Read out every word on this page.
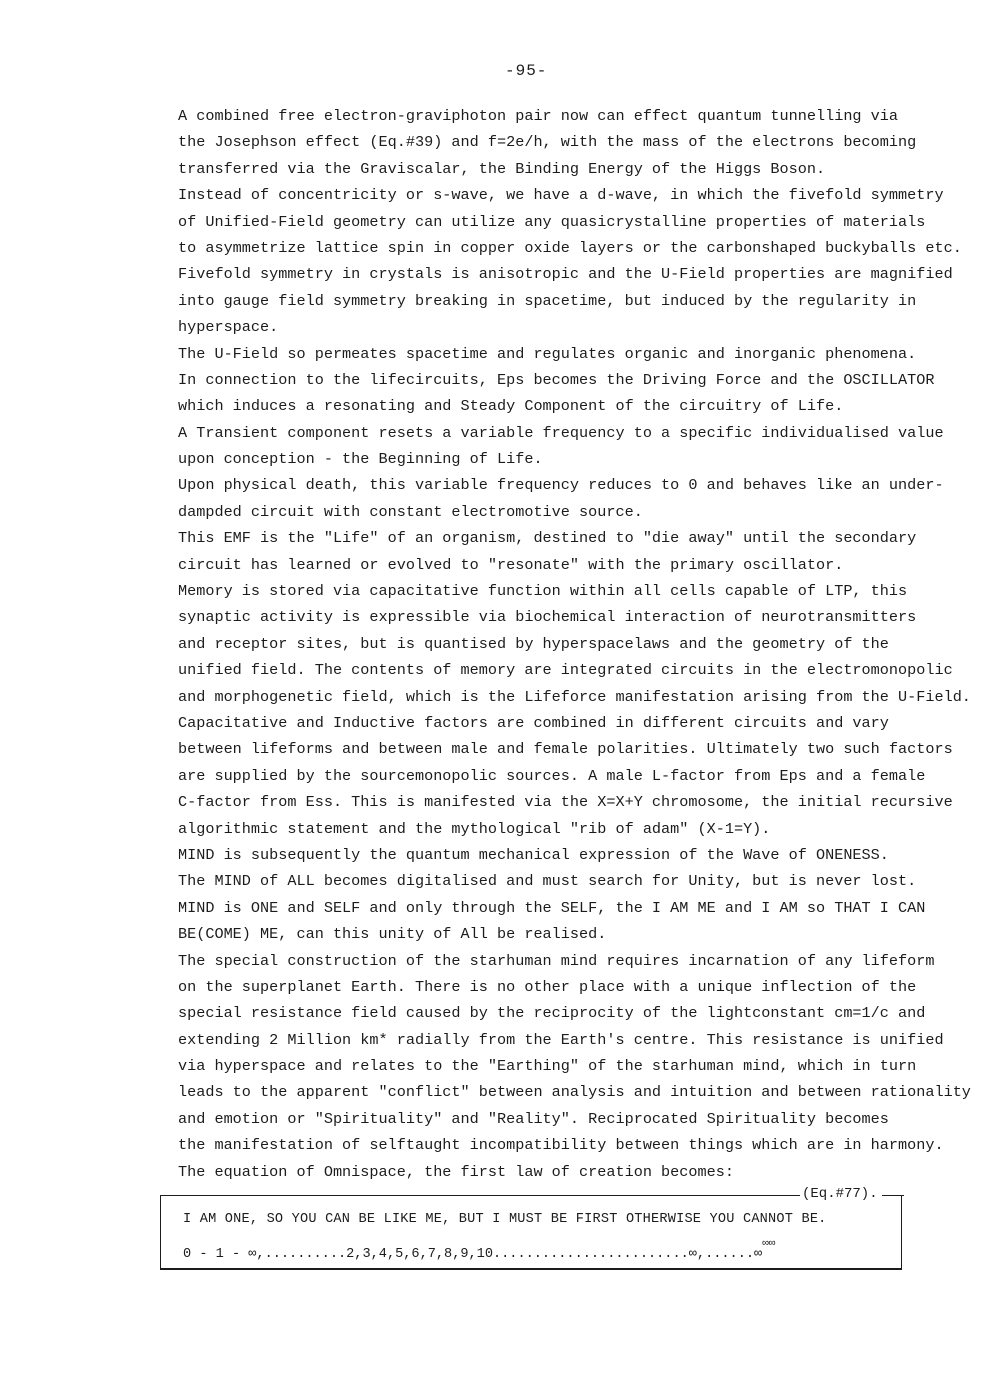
-95-
A combined free electron-graviphoton pair now can effect quantum tunnelling via
the Josephson effect (Eq.#39) and f=2e/h, with the mass of the electrons becoming
transferred via the Graviscalar, the Binding Energy of the Higgs Boson.
Instead of concentricity or s-wave, we have a d-wave, in which the fivefold symmetry
of Unified-Field geometry can utilize any quasicrystalline properties of materials
to asymmetrize lattice spin in copper oxide layers or the carbonshaped buckyballs etc.
Fivefold symmetry in crystals is anisotropic and the U-Field properties are magnified
into gauge field symmetry breaking in spacetime, but induced by the regularity in
hyperspace.
The U-Field so permeates spacetime and regulates organic and inorganic phenomena.
In connection to the lifecircuits, Eps becomes the Driving Force and the OSCILLATOR
which induces a resonating and Steady Component of the circuitry of Life.
A Transient component resets a variable frequency to a specific individualised value
upon conception - the Beginning of Life.
Upon physical death, this variable frequency reduces to 0 and behaves like an under-
dampded circuit with constant electromotive source.
This EMF is the "Life" of an organism, destined to "die away" until the secondary
circuit has learned or evolved to "resonate" with the primary oscillator.
Memory is stored via capacitative function within all cells capable of LTP, this
synaptic activity is expressible via biochemical interaction of neurotransmitters
and receptor sites, but is quantised by hyperspacelaws and the geometry of the
unified field. The contents of memory are integrated circuits in the electromonopolic
and morphogenetic field, which is the Lifeforce manifestation arising from the U-Field.
Capacitative and Inductive factors are combined in different circuits and vary
between lifeforms and between male and female polarities. Ultimately two such factors
are supplied by the sourcemonopolic sources. A male L-factor from Eps and a female
C-factor from Ess. This is manifested via the X=X+Y chromosome, the initial recursive
algorithmic statement and the mythological "rib of adam" (X-1=Y).
MIND is subsequently the quantum mechanical expression of the Wave of ONENESS.
The MIND of ALL becomes digitalised and must search for Unity, but is never lost.
MIND is ONE and SELF and only through the SELF, the I AM ME and I AM so THAT I CAN
BE(COME) ME, can this unity of All be realised.
The special construction of the starhuman mind requires incarnation of any lifeform
on the superplanet Earth. There is no other place with a unique inflection of the
special resistance field caused by the reciprocity of the lightconstant cm=1/c and
extending 2 Million km* radially from the Earth's centre. This resistance is unified
via hyperspace and relates to the "Earthing" of the starhuman mind, which in turn
leads to the apparent "conflict" between analysis and intuition and between rationality
and emotion or "Spirituality" and "Reality". Reciprocated Spirituality becomes
the manifestation of selftaught incompatibility between things which are in harmony.
The equation of Omnispace, the first law of creation becomes:
(Eq.#77).
I AM ONE, SO YOU CAN BE LIKE ME, BUT I MUST BE FIRST OTHERWISE YOU CANNOT BE.
0 - 1 - ∞,..........2,3,4,5,6,7,8,9,10........................∞,......∞∞∞
